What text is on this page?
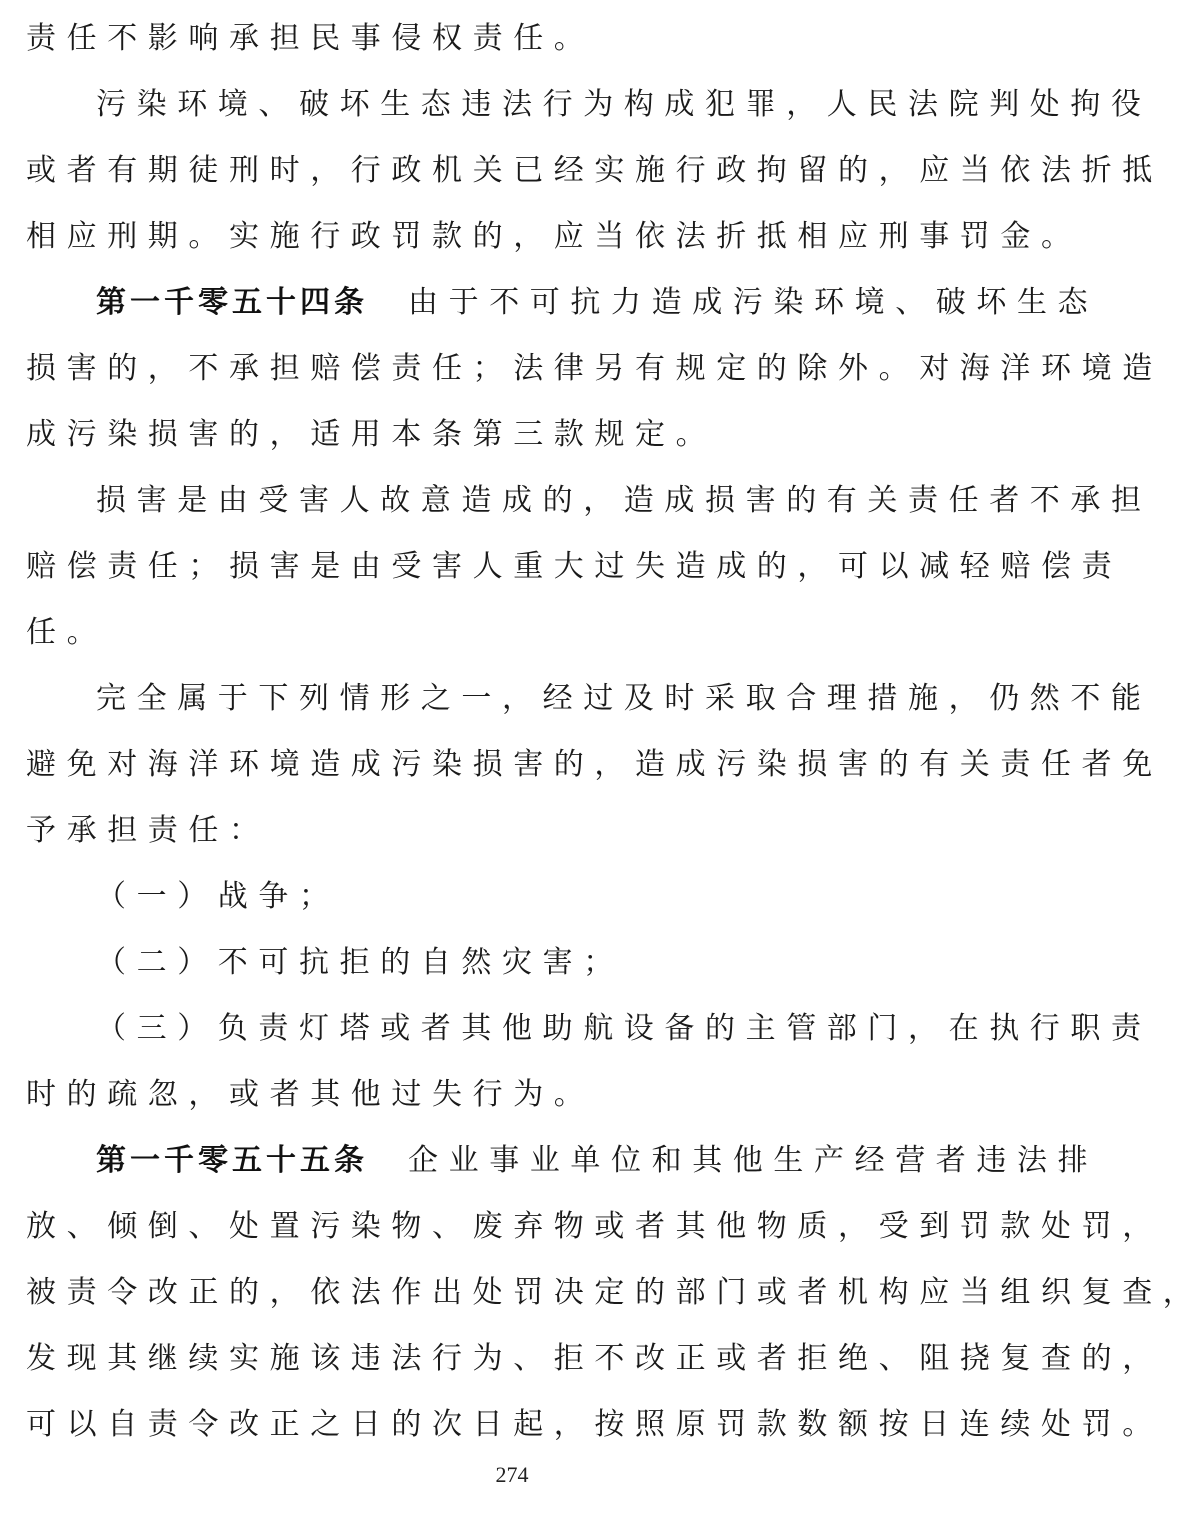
责任不影响承担民事侵权责任。
污染环境、破坏生态违法行为构成犯罪，人民法院判处拘役
或者有期徒刑时，行政机关已经实施行政拘留的，应当依法折抵
相应刑期。实施行政罚款的，应当依法折抵相应刑事罚金。
第一千零五十四条 由于不可抗力造成污染环境、破坏生态
损害的，不承担赔偿责任；法律另有规定的除外。对海洋环境造
成污染损害的，适用本条第三款规定。
损害是由受害人故意造成的，造成损害的有关责任者不承担
赔偿责任；损害是由受害人重大过失造成的，可以减轻赔偿责
任。
完全属于下列情形之一，经过及时采取合理措施，仍然不能
避免对海洋环境造成污染损害的，造成污染损害的有关责任者免
予承担责任：
（一）战争；
（二）不可抗拒的自然灾害；
（三）负责灯塔或者其他助航设备的主管部门，在执行职责
时的疏忽，或者其他过失行为。
第一千零五十五条 企业事业单位和其他生产经营者违法排
放、倾倒、处置污染物、废弃物或者其他物质，受到罚款处罚，
被责令改正的，依法作出处罚决定的部门或者机构应当组织复查，
发现其继续实施该违法行为、拒不改正或者拒绝、阻挠复查的，
可以自责令改正之日的次日起，按照原罚款数额按日连续处罚。
274
